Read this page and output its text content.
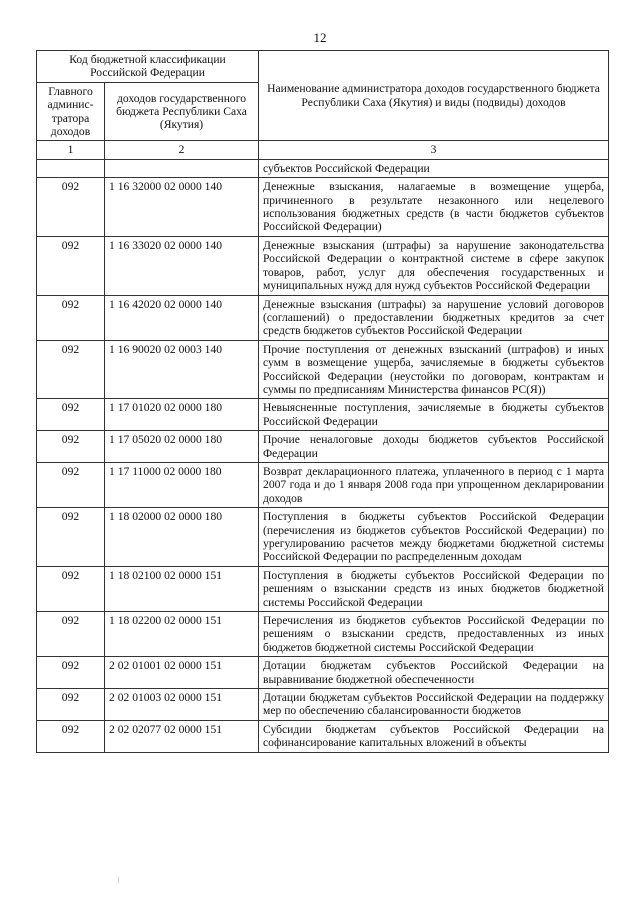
12
Код бюджетной классификации Российской Федерации		Наименование администратора доходов государственного бюджета Республики Саха (Якутия) и виды (подвиды) доходов
Главного админис-тратора доходов	доходов государственного бюджета Республики Саха (Якутия)	
1	2	3
		субъектов Российской Федерации
092	1 16 32000 02 0000 140	Денежные взыскания, налагаемые в возмещение ущерба, причиненного в результате незаконного или нецелевого использования бюджетных средств (в части бюджетов субъектов Российской Федерации)
092	1 16 33020 02 0000 140	Денежные взыскания (штрафы) за нарушение законодательства Российской Федерации о контрактной системе в сфере закупок товаров, работ, услуг для обеспечения государственных и муниципальных нужд для нужд субъектов Российской Федерации
092	1 16 42020 02 0000 140	Денежные взыскания (штрафы) за нарушение условий договоров (соглашений) о предоставлении бюджетных кредитов за счет средств бюджетов субъектов Российской Федерации
092	1 16 90020 02 0003 140	Прочие поступления от денежных взысканий (штрафов) и иных сумм в возмещение ущерба, зачисляемые в бюджеты субъектов Российской Федерации (неустойки по договорам, контрактам и суммы по предписаниям Министерства финансов РС(Я))
092	1 17 01020 02 0000 180	Невыясненные поступления, зачисляемые в бюджеты субъектов Российской Федерации
092	1 17 05020 02 0000 180	Прочие неналоговые доходы бюджетов субъектов Российской Федерации
092	1 17 11000 02 0000 180	Возврат декларационного платежа, уплаченного в период с 1 марта 2007 года и до 1 января 2008 года при упрощенном декларировании доходов
092	1 18 02000 02 0000 180	Поступления в бюджеты субъектов Российской Федерации (перечисления из бюджетов субъектов Российской Федерации) по урегулированию расчетов между бюджетами бюджетной системы Российской Федерации по распределенным доходам
092	1 18 02100 02 0000 151	Поступления в бюджеты субъектов Российской Федерации по решениям о взыскании средств из иных бюджетов бюджетной системы Российской Федерации
092	1 18 02200 02 0000 151	Перечисления из бюджетов субъектов Российской Федерации по решениям о взыскании средств, предоставленных из иных бюджетов бюджетной системы Российской Федерации
092	2 02 01001 02 0000 151	Дотации бюджетам субъектов Российской Федерации на выравнивание бюджетной обеспеченности
092	2 02 01003 02 0000 151	Дотации бюджетам субъектов Российской Федерации на поддержку мер по обеспечению сбалансированности бюджетов
092	2 02 02077 02 0000 151	Субсидии бюджетам субъектов Российской Федерации на софинансирование капитальных вложений в объекты
